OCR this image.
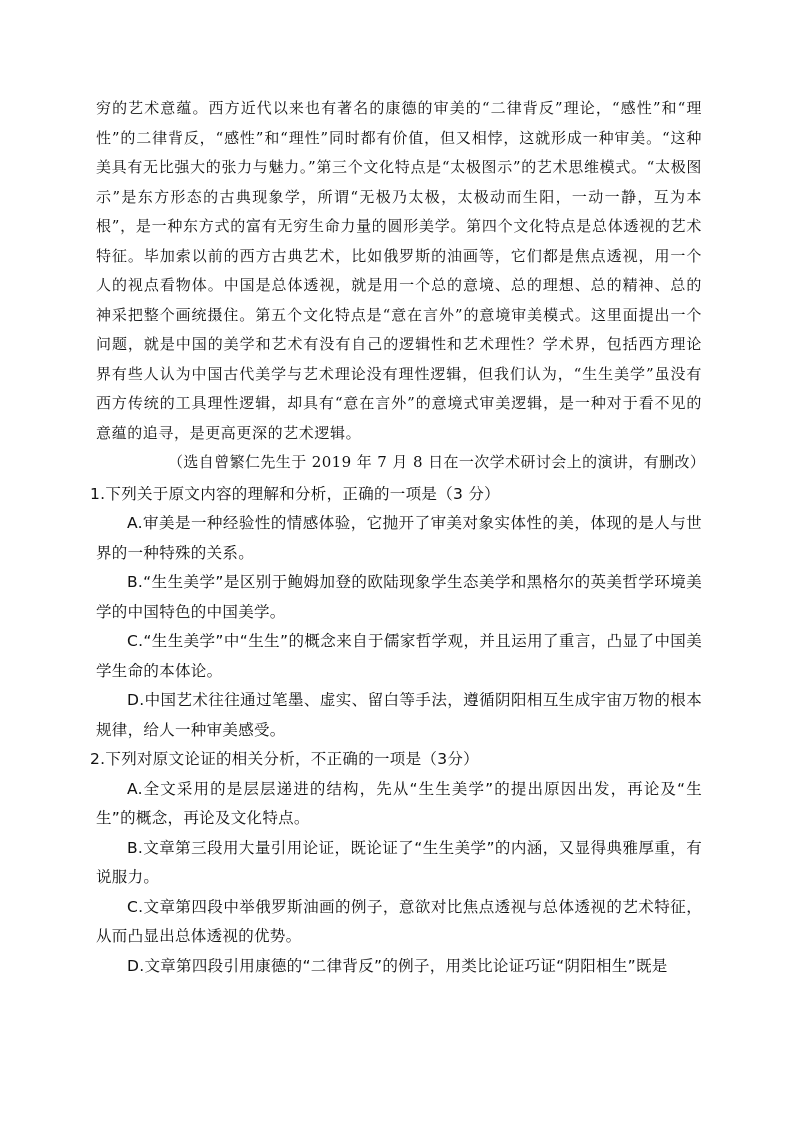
穷的艺术意蕴。西方近代以来也有著名的康德的审美的“二律背反”理论，“感性”和“理性”的二律背反，“感性”和“理性”同时都有价值，但又相悖，这就形成一种审美。“这种美具有无比强大的张力与魅力。”第三个文化特点是“太极图示”的艺术思维模式。“太极图示”是东方形态的古典现象学，所谓“无极乃太极，太极动而生阳，一动一静，互为本根”，是一种东方式的富有无穷生命力量的圆形美学。第四个文化特点是总体透视的艺术特征。毕加索以前的西方古典艺术，比如俄罗斯的油画等，它们都是焦点透视，用一个人的视点看物体。中国是总体透视，就是用一个总的意境、总的理想、总的精神、总的神采把整个画统摄住。第五个文化特点是“意在言外”的意境审美模式。这里面提出一个问题，就是中国的美学和艺术有没有自己的逻辑性和艺术理性？学术界，包括西方理论界有些人认为中国古代美学与艺术理论没有理性逻辑，但我们认为，“生生美学”虽没有西方传统的工具理性逻辑，却具有“意在言外”的意境式审美逻辑，是一种对于看不见的意蕴的追寻，是更高更深的艺术逻辑。

（选自曾繁仁先生于 2019 年 7 月 8 日在一次学术研讨会上的演讲，有删改）

1.下列关于原文内容的理解和分析，正确的一项是（3 分）

A.审美是一种经验性的情感体验，它抛开了审美对象实体性的美，体现的是人与世界的一种特殊的关系。

B.“生生美学”是区别于鲍姆加登的欧陆现象学生态美学和黑格尔的英美哲学环境美学的中国特色的中国美学。

C.“生生美学”中“生生”的概念来自于儒家哲学观，并且运用了重言，凸显了中国美学生命的本体论。

D.中国艺术往往通过笔墨、虚实、留白等手法，遵循阴阳相互生成宇宙万物的根本规律，给人一种审美感受。

2.下列对原文论证的相关分析，不正确的一项是（3分）

A.全文采用的是层层递进的结构，先从“生生美学”的提出原因出发，再论及“生生”的概念，再论及文化特点。

B.文章第三段用大量引用论证，既论证了“生生美学”的内涵，又显得典雅厚重，有说服力。

C.文章第四段中举俄罗斯油画的例子，意欲对比焦点透视与总体透视的艺术特征，从而凸显出总体透视的优势。

D.文章第四段引用康德的“二律背反”的例子，用类比论证巧证“阴阳相生”既是
